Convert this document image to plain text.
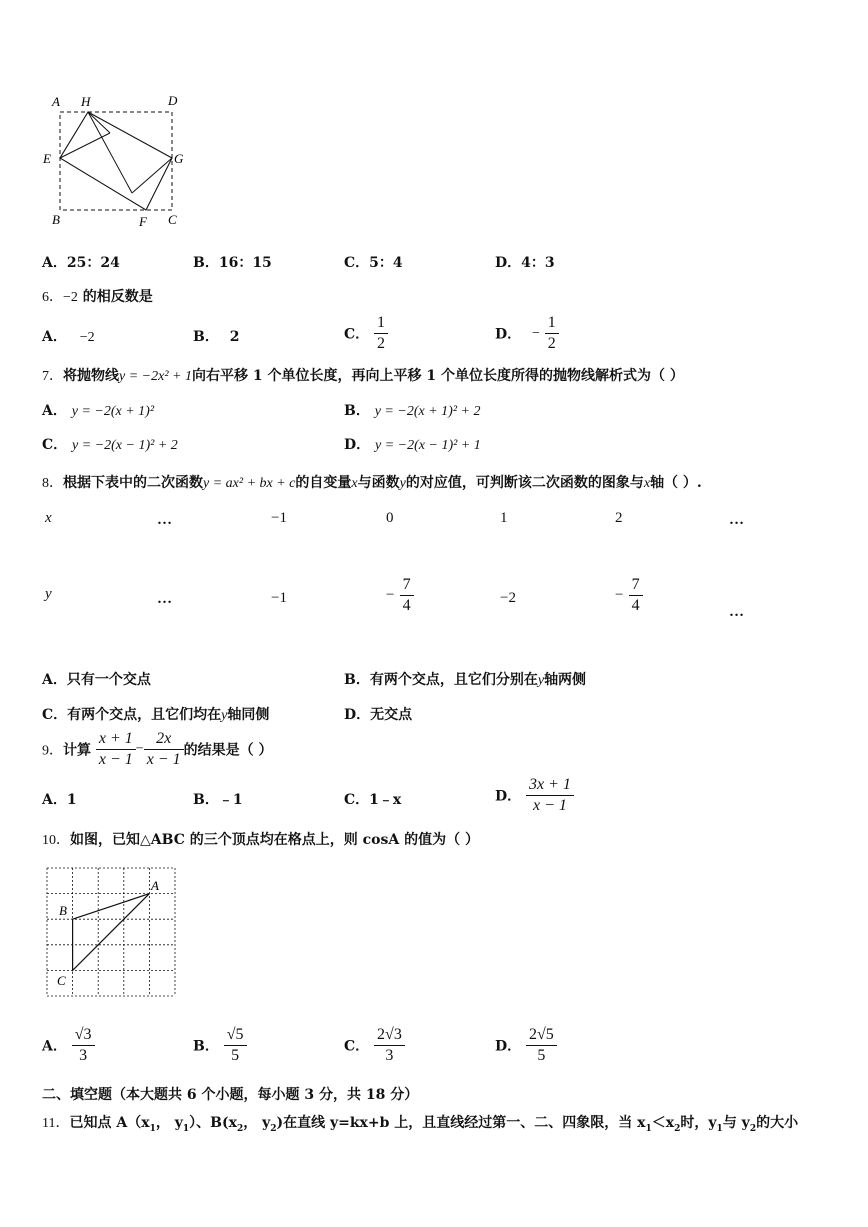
A H	D
E	G
B	F C
A．25：24	B．16：15	C．5：4	D．4：3
6．−2 的相反数是
A． −2	B． 2	C． $\frac{1}{2}$	D． − $\frac{1}{2}$
7．将抛物线y = −2x² + 1向右平移 1 个单位长度，再向上平移 1 个单位长度所得的抛物线解析式为（ ）
A． y = −2(x + 1)²	B． y = −2(x + 1)² + 2
C． y = −2(x − 1)² + 2	D． y = −2(x − 1)² + 1
8．根据下表中的二次函数y = ax² + bx + c的自变量x与函数y的对应值，可判断该二次函数的图象与x轴（ ）.
x	…	−1	0	1	2	…
y	…	−1	− $\frac{7}{4}$	−2	− $\frac{7}{4}$	…
A．只有一个交点	B．有两个交点，且它们分别在y轴两侧
C．有两个交点，且它们均在y轴同侧	D．无交点
9．计算 $\frac{x + 1}{x - 1} - \frac{2x}{x - 1}$ 的结果是（ ）
A．1	B．﹣1	C．1﹣x	D． $\frac{3x + 1}{x - 1}$
10．如图，已知△ABC 的三个顶点均在格点上，则 cosA 的值为（ ）
A
B
C
A． $\frac{√3}{3}$	B． $\frac{√5}{5}$	C． $\frac{2√3}{3}$	D． $\frac{2√5}{5}$
二、填空题（本大题共 6 个小题，每小题 3 分，共 18 分）
11．已知点 $A(x_1$， $y_1$）、$B(x_2$， $y_2$)在直线 y=kx+b 上，且直线经过第一、二、四象限，当 $x_1<x_2$时，$y_1$与 $y_2$的大小
